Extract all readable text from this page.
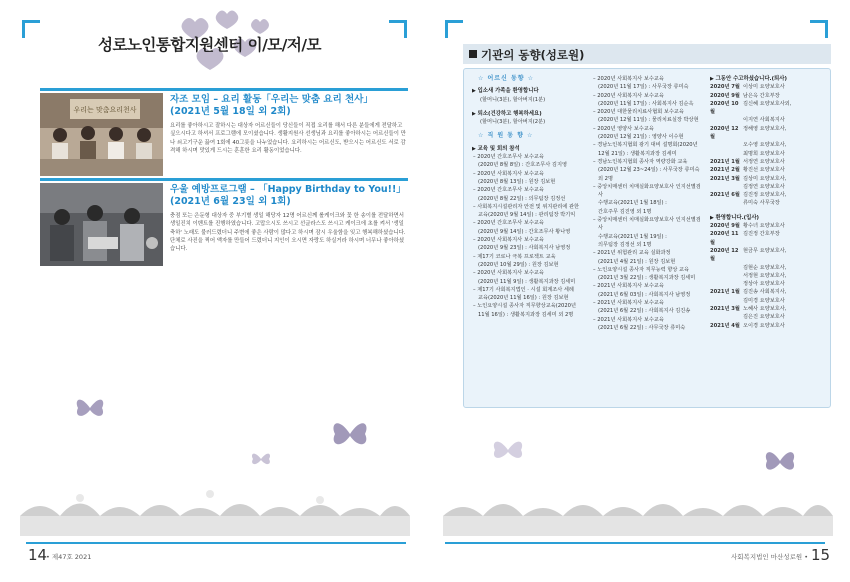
성로노인통합지원센터 이/모/저/모
우리는 맞춤요리천사
자조 모임 – 요리 활동「우리는 맞춤 요리 천사」
(2021년 5월 18일 외 2회)

요리를 좋아하시고 잘하시는 대상자 어르신들이 당신들이 직접 요리를 해서 다른 분들에게 전달하고 싶으시다고 하셔서 프로그램에 모이셨습니다. 생활지원사 선생님과 요리를 좋아하시는 어르신들이 만나 쇠고기구운 끓여 1회에 40그릇을 나누었습니다. 요리하시는 어르신도, 받으시는 어르신도 서로 감격해 하시며 맛있게 드시는 훈훈한 요리 활동이었습니다.

우울 예방프로그램 – 「Happy Birthday to You!!」
(2021년 6월 23일 외 1회)

충점 또는 은둔형 대상자 중 부기별 생일 해당자 12명 어르신께 롤케이크와 꽃 한 송이를 전달하면서 생일진치 이벤트를 진행하였습니다. 고맙으시도 쓰시고 선글라스도 쓰시고 케이크에 초를 켜서 '생일 축하' 노래도 불러드렸더니 주변에 좋은 사람이 많다고 하시며 잠시 우울함을 잊고 행복해하셨습니다. 단체로 사진을 찍어 액자를 만들어 드렸더니 지인이 오시면 자랑도 하실거라 하시며 너무나 좋아하셨습니다.

14
• 제47호 2021
기관의 동향(성로원)
☆ 어르신 동향 ☆
▶ 입소새 가족을 환영합니다
(할머니(3분), 할아버지(1분)
▶ 퇴소(건강하고 행복하세요)
(할머니(3분), 할아버지(2분)
☆ 직 원 동 향 ☆
▶ 교육 및 회의 참석
– 2020년 간호조무사 보수교육
(2020년 8월 8일) : 간호조무사 김지영
– 2020년 사회복지사 보수교육
(2020년 8월 13일) : 원장 김보현
– 2020년 간호조무사 보수교육
(2020년 8월 22일) : 의무팀장 김정선
– 사회복지시설관리자 안전 및 위지관리에 관한
교육(2020년 9월 14일) : 관리팀장 박기익
– 2020년 간호조무사 보수교육
(2020년 9월 14일) : 간호조무사 황나영
– 2020년 사회복지사 보수교육
(2020년 9월 23일) : 사회복지사 남영정
– 제17기 코로나 극복 프로젝트 교육
(2020년 10월 29일) : 원장 김보현
– 2020년 사회복지사 보수교육
(2020년 11월 9일) : 생활복지과장 김세미
– 제17기 사회복지법인 · 시설 회계조사 세례
교육(2020년 11월 16일) : 원장 김보현
– 노인요양시설 종사자 직무향상교육(2020년
11월 16일) : 생활복지과장 김세미 외 2명
– 2020년 사회복지사 보수교육
(2020년 11월 17일) : 사무국장 류미숙
– 2020년 사회복지사 보수교육
(2020년 11월 17일) : 사회복지사 김순옥
– 2020년 대한물리치료사협회 보수교육
(2020년 12월 11일) : 물리치료실장 박상현
– 2020년 영양사 보수교육
(2020년 12월 21일) : 영양사 이수현
– 경남노인복지협회 광기 대비 설명회(2020년
12월 21일) : 생활복지과장 김세미
– 경남노인복지협회 종사자 역량강화 교육
(2020년 12월 23~24일) : 사무국장 류미숙
외 2명
– 중앙치매센터 치매실화요양보호사 인지선별검사
수행교육(2021년 1월 18일) :
간호주무 김진영 외 1명
– 중앙치매센터 치매실화요양보호사 인지선별검사
수행교육(2021년 1월 19일) :
의무팀장 김정선 외 1명
– 2021년 위험관리 교육 실화과정
(2021년 4월 21일) : 원장 김보현
– 노인요양시설 종사자 직무능력 향상 교육
(2021년 3월 22일) : 생활복지과장 김세미
– 2021년 사회복지사 보수교육
(2021년 6월 03일) : 사회복지사 남영정
– 2021년 사회복지사 보수교육
(2021년 6월 22일) : 사회복지사 김진송
– 2021년 사회복지사 보수교육
(2021년 6월 22일) : 사무국장 류미숙
▶ 그동안 수고하셨습니다.(퇴사)
2020년 7월 이상미 요양보호사
2020년 9월 남은옥 간호부장
2020년 10월
김신혜 요양보호사외,
이지연 사회복지사
2020년 12월
정해영 요양보호사,
오수영 요양보호사,
최명희 요양보호사
2021년 1월 서정연 요양보호사
2021년 2월 황진선 요양보호사
2021년 3월 김상미 요양보호사,
김정연 요양보호사
2021년 6월 김진정 요양보호사,
류미숙 사무국장
▶ 환영합니다.(입사)
2020년 9월 황수녀 요양보호사
2020년 11월
김진정 간호부장
2020년 12월
현금무 요양보호사,
김현순 요양보호사,
서정현 요양보호사,
정상아 요양보호사
2021년 1월 김진송 사회복지사,
김미경 요양보호사
2021년 3월 노혜사 요양보호사,
김은진 요양보호사
2021년 4월 오이경 요양보호사
사회복지법인 마산성로원 • 15
